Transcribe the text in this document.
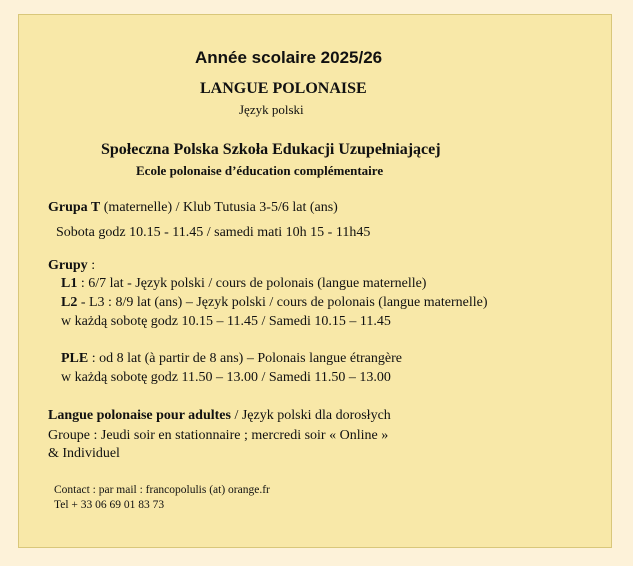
Année scolaire 2025/26
LANGUE POLONAISE
Język polski
Społeczna Polska Szkoła Edukacji Uzupełniającej
Ecole polonaise d’éducation complémentaire
Grupa T (maternelle) / Klub Tutusia 3-5/6 lat (ans)
Sobota godz 10.15 - 11.45 / samedi mati 10h 15 - 11h45
Grupy :
L1 : 6/7 lat - Język polski / cours de polonais (langue maternelle)
L2 - L3 : 8/9 lat (ans) – Język polski / cours de polonais (langue maternelle)
w każdą sobotę godz 10.15 – 11.45 / Samedi 10.15 – 11.45
PLE : od 8 lat (à partir de 8 ans) – Polonais langue étrangère
w każdą sobotę godz 11.50 – 13.00 / Samedi 11.50 – 13.00
Langue polonaise pour adultes / Język polski dla dorosłych
Groupe : Jeudi soir en stationnaire ; mercredi soir « Online »
& Individuel
Contact : par mail : francopolulis (at) orange.fr
Tel + 33 06 69 01 83 73
